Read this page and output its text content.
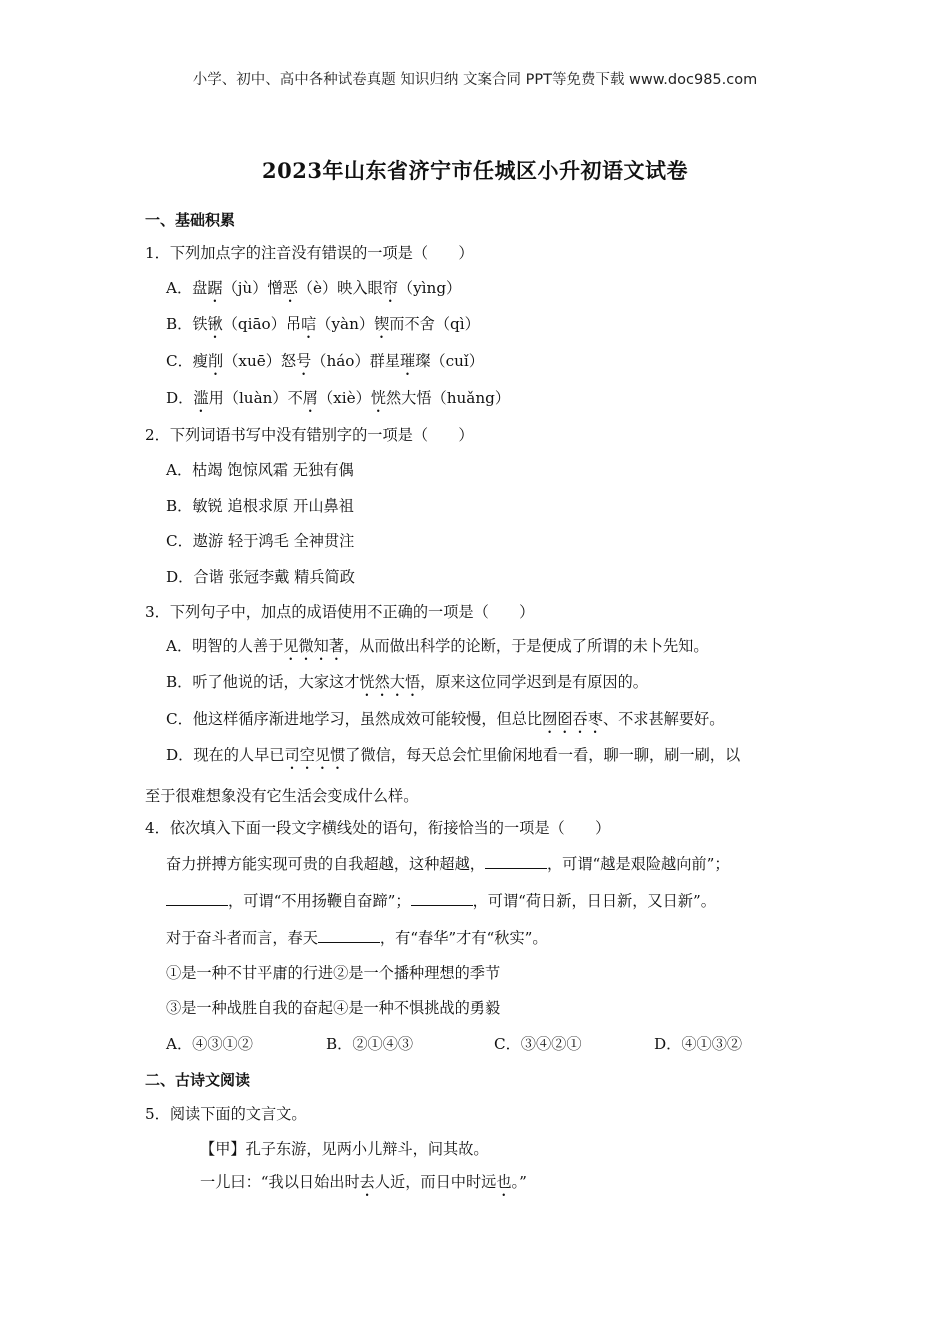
小学、初中、高中各种试卷真题 知识归纳 文案合同 PPT等免费下载 www.doc985.com
2023年山东省济宁市任城区小升初语文试卷
一、基础积累
1．下列加点字的注音没有错误的一项是（　　）
A．盘踞（jù）憎恶（è）映入眼帘（yìng）
B．铁锹（qiāo）吊唁（yàn）锲而不舍（qì）
C．瘦削（xuē）怒号（háo）群星璀璨（cuǐ）
D．滥用（luàn）不屑（xiè）恍然大悟（huǎng）
2．下列词语书写中没有错别字的一项是（　　）
A．枯竭 饱惊风霜 无独有偶
B．敏锐 追根求原 开山鼻祖
C．遨游 轻于鸿毛 全神贯注
D．合谐 张冠李戴 精兵简政
3．下列句子中，加点的成语使用不正确的一项是（　　）
A．明智的人善于见微知著，从而做出科学的论断，于是便成了所谓的未卜先知。
B．听了他说的话，大家这才恍然大悟，原来这位同学迟到是有原因的。
C．他这样循序渐进地学习，虽然成效可能较慢，但总比囫囵吞枣、不求甚解要好。
D．现在的人早已司空见惯了微信，每天总会忙里偷闲地看一看，聊一聊，刷一刷，以
至于很难想象没有它生活会变成什么样。
4．依次填入下面一段文字横线处的语句，衔接恰当的一项是（　　）
奋力拼搏方能实现可贵的自我超越，这种超越，	，可谓“越是艰险越向前”；
，可谓“不用扬鞭自奋蹄”；	，可谓“荷日新，日日新，又日新”。
对于奋斗者而言，春天	，有“春华”才有“秋实”。
①是一种不甘平庸的行进②是一个播种理想的季节
③是一种战胜自我的奋起④是一种不惧挑战的勇毅
A．④③①②	B．②①④③	C．③④②①	D．④①③②
二、古诗文阅读
5．阅读下面的文言文。
【甲】孔子东游，见两小儿辩斗，问其故。
一儿曰：“我以日始出时去人近，而日中时远也。”
